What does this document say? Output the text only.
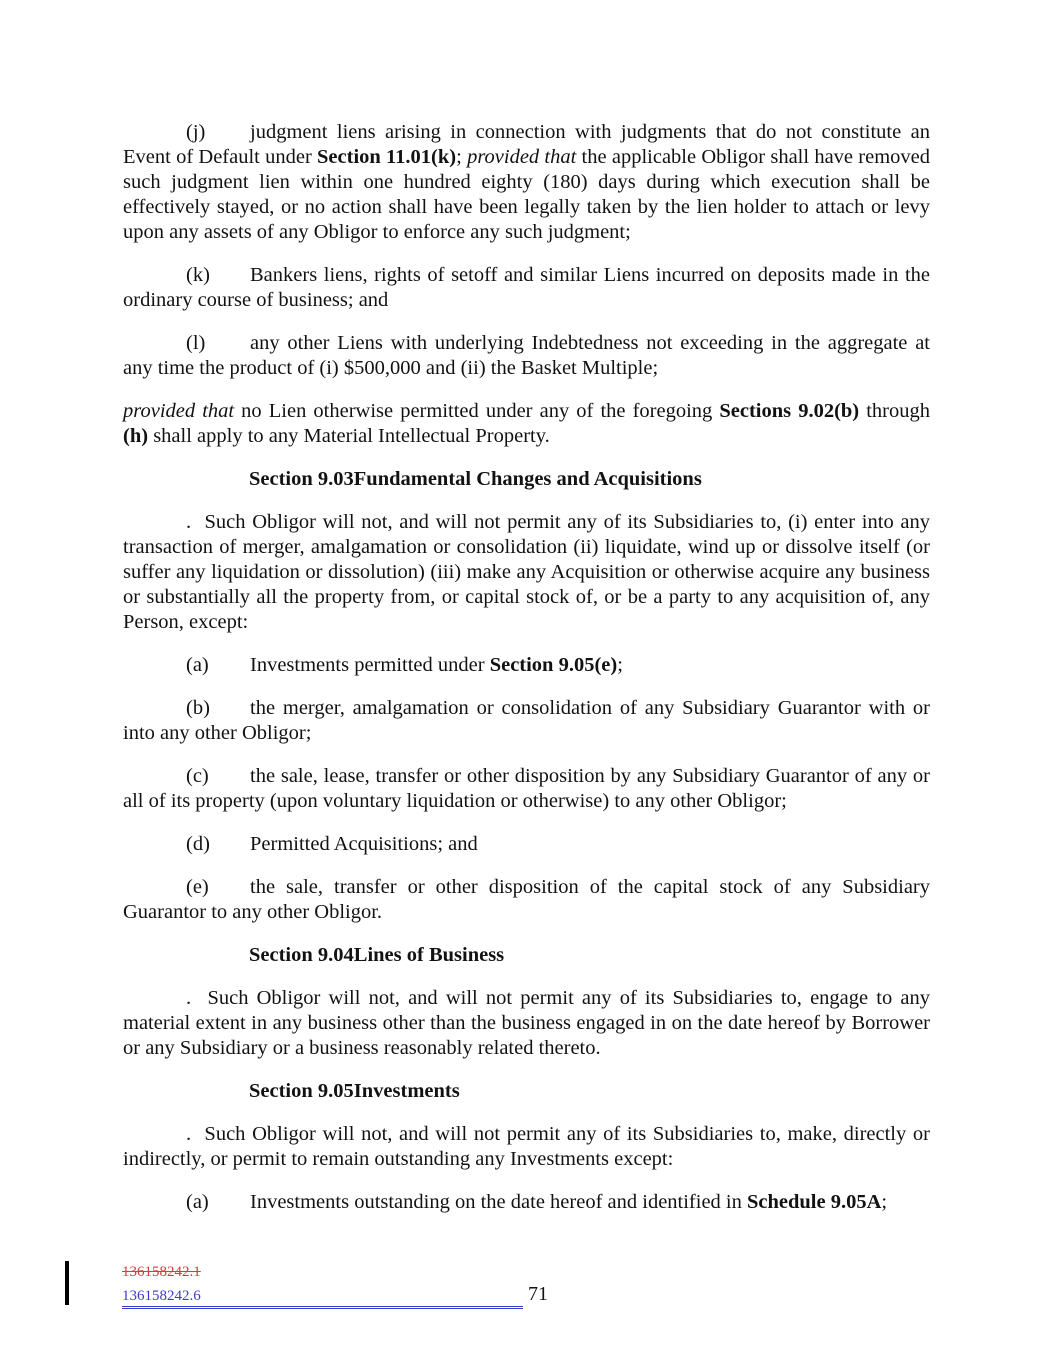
(j) judgment liens arising in connection with judgments that do not constitute an Event of Default under Section 11.01(k); provided that the applicable Obligor shall have removed such judgment lien within one hundred eighty (180) days during which execution shall be effectively stayed, or no action shall have been legally taken by the lien holder to attach or levy upon any assets of any Obligor to enforce any such judgment;

(k) Bankers liens, rights of setoff and similar Liens incurred on deposits made in the ordinary course of business; and

(l) any other Liens with underlying Indebtedness not exceeding in the aggregate at any time the product of (i) $500,000 and (ii) the Basket Multiple;

provided that no Lien otherwise permitted under any of the foregoing Sections 9.02(b) through (h) shall apply to any Material Intellectual Property.

Section 9.03Fundamental Changes and Acquisitions

.  Such Obligor will not, and will not permit any of its Subsidiaries to, (i) enter into any transaction of merger, amalgamation or consolidation (ii) liquidate, wind up or dissolve itself (or suffer any liquidation or dissolution) (iii) make any Acquisition or otherwise acquire any business or substantially all the property from, or capital stock of, or be a party to any acquisition of, any Person, except:

(a) Investments permitted under Section 9.05(e);

(b) the merger, amalgamation or consolidation of any Subsidiary Guarantor with or into any other Obligor;

(c) the sale, lease, transfer or other disposition by any Subsidiary Guarantor of any or all of its property (upon voluntary liquidation or otherwise) to any other Obligor;

(d) Permitted Acquisitions; and

(e) the sale, transfer or other disposition of the capital stock of any Subsidiary Guarantor to any other Obligor.

Section 9.04Lines of Business

.  Such Obligor will not, and will not permit any of its Subsidiaries to, engage to any material extent in any business other than the business engaged in on the date hereof by Borrower or any Subsidiary or a business reasonably related thereto.

Section 9.05Investments

.  Such Obligor will not, and will not permit any of its Subsidiaries to, make, directly or indirectly, or permit to remain outstanding any Investments except:

(a) Investments outstanding on the date hereof and identified in Schedule 9.05A;

136158242.1
136158242.6	71
